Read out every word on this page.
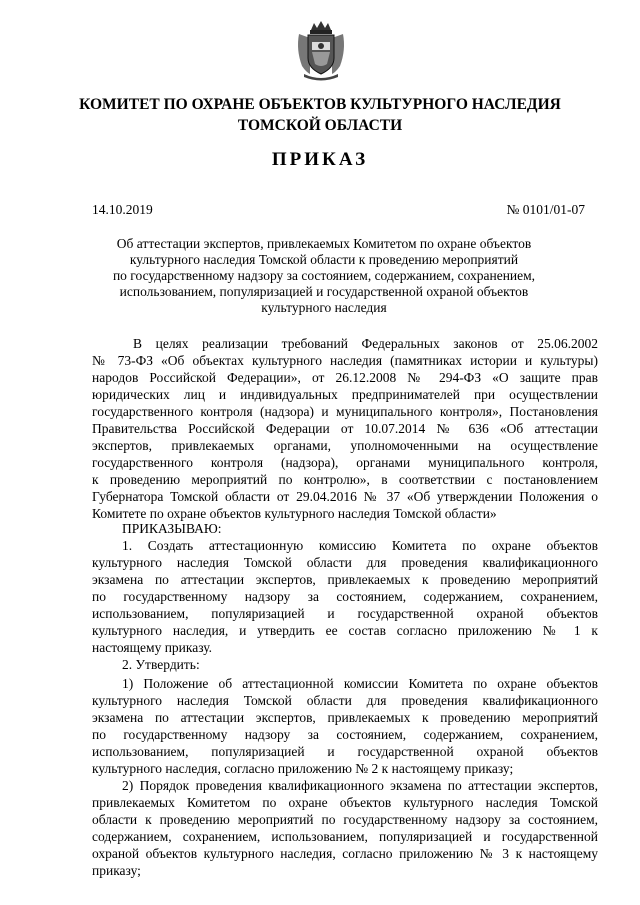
КОМИТЕТ ПО ОХРАНЕ ОБЪЕКТОВ КУЛЬТУРНОГО НАСЛЕДИЯ
ТОМСКОЙ ОБЛАСТИ
ПРИКАЗ
14.10.2019	№ 0101/01-07
Об аттестации экспертов, привлекаемых Комитетом по охране объектов
культурного наследия Томской области к проведению мероприятий
по государственному надзору за состоянием, содержанием, сохранением,
использованием, популяризацией и государственной охраной объектов
культурного наследия
В целях реализации требований Федеральных законов от 25.06.2002
№ 73-ФЗ «Об объектах культурного наследия (памятниках истории и культуры)
народов Российской Федерации», от 26.12.2008 № 294-ФЗ «О защите прав
юридических лиц и индивидуальных предпринимателей при осуществлении
государственного контроля (надзора) и муниципального контроля», Постановления
Правительства Российской Федерации от 10.07.2014 № 636 «Об аттестации
экспертов, привлекаемых органами, уполномоченными на осуществление
государственного контроля (надзора), органами муниципального контроля,
к проведению мероприятий по контролю», в соответствии с постановлением
Губернатора Томской области от 29.04.2016 № 37 «Об утверждении Положения о
Комитете по охране объектов культурного наследия Томской области»
ПРИКАЗЫВАЮ:
1. Создать аттестационную комиссию Комитета по охране объектов
культурного наследия Томской области для проведения квалификационного
экзамена по аттестации экспертов, привлекаемых к проведению мероприятий
по государственному надзору за состоянием, содержанием, сохранением,
использованием, популяризацией и государственной охраной объектов
культурного наследия, и утвердить ее состав согласно приложению № 1 к
настоящему приказу.
2. Утвердить:
1) Положение об аттестационной комиссии Комитета по охране объектов
культурного наследия Томской области для проведения квалификационного
экзамена по аттестации экспертов, привлекаемых к проведению мероприятий
по государственному надзору за состоянием, содержанием, сохранением,
использованием, популяризацией и государственной охраной объектов
культурного наследия, согласно приложению № 2 к настоящему приказу;
2) Порядок проведения квалификационного экзамена по аттестации экспертов,
привлекаемых Комитетом по охране объектов культурного наследия Томской
области к проведению мероприятий по государственному надзору за состоянием,
содержанием, сохранением, использованием, популяризацией и государственной
охраной объектов культурного наследия, согласно приложению № 3 к настоящему
приказу;
